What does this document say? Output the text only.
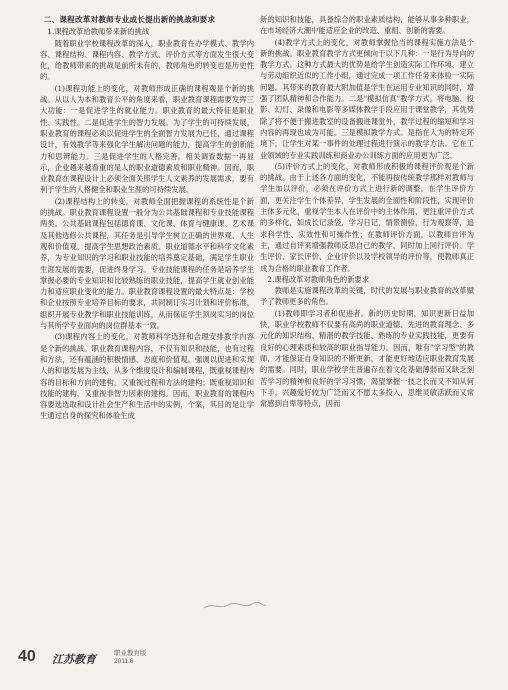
二、课程改革对教师专业成长提出新的挑战和要求
1.课程改革给教师带来新的挑战

随着职业学校课程改革的深入，职业教育在办学模式、教学内容、课程结构、课程内容、教学方式、评价方式等方面发生很大变化，给教师带来的挑战是前所未有的，教师角色的转变也是历史性的。

(1)课程功能上的变化，对教师形成正确的课程观是个新的挑战。从以人为本和教育公平的角度来看，职业教育课程需要发挥三大功能：一是促进学生的就业能力。职业教育的最大特征是职业性、实践性。二是促进学生的智力发展。为了学生的可持续发展，职业教育的课程必须以促进学生的全面智力发展为已任，通过课程设计，有效教学等来强化学生解决问题的能力，提高学生的创新能力和思辨能力。三是促进学生的人格完善。相关调查数据一再显示，企业越来越看重的是人的职业道德素质和职业精神。因而，职业教育在课程设计上必须全面关照学生人文素养的发展需求，要有利于学生的人格健全和职业生涯的可持续发展。

(2)课程结构上的转变，对教师全面把握课程的系统性是个新的挑战。职业教育课程设置一般分为公共基础课程和专业技能课程两类。公共基础课程包括德育课、文化课、体育与健康课、艺术课及其他选修公共课程，其任务是引导学生树立正确的世界观、人生观和价值观，提高学生思想政治素质、职业道德水平和科学文化素养，为专业知识的学习和职业技能的培养奠定基础，满足学生职业生涯发展的需要，促进终身学习。专业技能课程的任务是培养学生掌握必要的专业知识和比较熟练的职业技能，提高学生就业创业能力和适应职业变化的能力。职业教育课程设置的最大特点是：学校和企业按照专业培养目标的要求，共同制订实习计划和评价标准，组织开展专业教学和职业技能训练，从而保证学生顶岗实习的岗位与其所学专业面向的岗位群基本一致。

(3)课程内容上的变化，对教师科学选择和合理安排教学内容是个新的挑战。职业教育课程内容，不仅有知识和技能，也有过程和方法，还有蕴涵的积极情感、态度和价值观。强调以促进和实现人的和谐发展为主线，从多个维度设计和编制课程，既重视课程内容的目标和方向的建构，又重视过程和方法的建构；既重视知识和技能的建构，又重视非智力因素的建构。因而，职业教育的课程内容要选选取和设计社会生产和生活中的实例，个案，其目的是让学生通过自身的探究和体验生成

新的知识和技能，具备综合的职业素质结构，能够从事多种职业，在市场经济大潮中能适应企业的改造、重组、创新的需要。

(4)教学方式上的变化，对教师掌握恰当的课程实施方法是个新的挑战。职业教育教学方式更倾向于以下几种：一是行为导向的教学方式。这种方式最大的优势是给学生创造实际工作环境，建立与劳动组织近似的工作小组，通过完成一项工作任务来体验一实际问题。其带来的教育最大附加值是学生在运用专业知识的同时，增强了团队精神和合作能力。二是"模拟仿真"教学方式。将电脑、投影、幻灯、录像和电影等多媒体教学手段应用于课堂教学，其优势除了将不便于搬进教室的设备搬进课堂外，教学过程的缩短和学习内容的再现也成为可能。三是模拟教学方式。是指在人为的特定环境下，让学生对某一事件的处理过程进行演示的教学方法。它在工业领域的专业实践训练和商业办公训练方面的应用更为广泛。

(5)评价方式上的变化，对教师形成积极的课程评价观是个新的挑战。由于上述各方面的变化，不能再按传统教学那样对教师与学生加以评价，必须在评价方式上进行新的调整。在学生评价方面，更关注学生个体差异，学生发展的全面性和阶段性，实现评价主体多元化，重视学生本人在评价中的主体作用，更注重评价方式的多样化，如成长记录袋，学习日记，情景测验，行为观察等，追求科学性、实效性和可操作性；在教师评价方面，以教师自评为主，通过自评来增强教师反思自己的教学，同时加上同行评价、学生评价、家长评价、企业评价以及学校领导的评价等，使教师真正成为合格的职业教育工作者。

2.课程改革对教师角色的新要求

教师是实施课程改革的关键，时代的发展与职业教育的改革赋予了教师更多的角色。

(1)教师即学习者和促进者。新的历史时期，知识更新日益加快，职业学校教师不仅要有高尚的职业道德、先进的教育理念、多元化的知识结构、精湛的教学技能、熟练的专业实践技能，更要有良好的心理素质和较高的职业指导能力。因而，唯有"学习型"的教师，才能保证自身知识的不断更新，才能更好地适应职业教育发展的需要。同时，职业学校学生普遍存在着文化基础薄弱而又缺乏刻苦学习的精神和良好的学习习惯，渴望掌握一技之长而又不知从何下手，兴趣爱好较为广泛而又不愿太多投入，思维灵敏活跃而又常常感到自卑等特点，因而

40 江苏教育	职业教育版
2011.6
